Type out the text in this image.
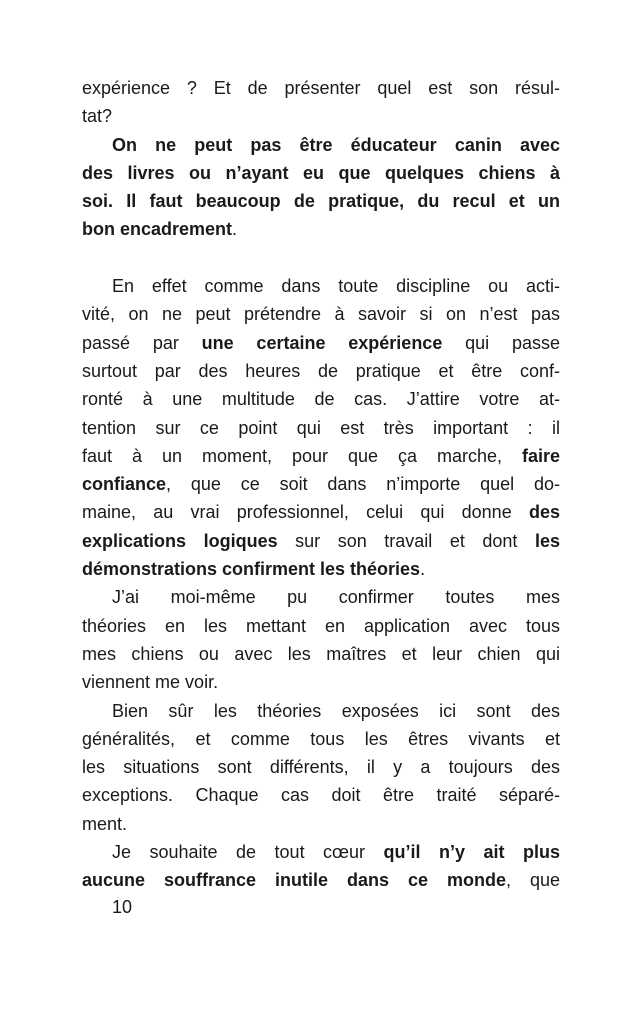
expérience ? Et de présenter quel est son résul-
tat?
On ne peut pas être éducateur canin avec
des livres ou n’ayant eu que quelques chiens à
soi. Il faut beaucoup de pratique, du recul et un
bon encadrement.
En effet comme dans toute discipline ou acti-
vité, on ne peut prétendre à savoir si on n’est pas
passé par une certaine expérience qui passe
surtout par des heures de pratique et être conf-
ronté à une multitude de cas. J’attire votre at-
tention sur ce point qui est très important : il
faut à un moment, pour que ça marche, faire
confiance, que ce soit dans n’importe quel do-
maine, au vrai professionnel, celui qui donne des
explications logiques sur son travail et dont les
démonstrations confirment les théories.
J’ai moi-même pu confirmer toutes mes
théories en les mettant en application avec tous
mes chiens ou avec les maîtres et leur chien qui
viennent me voir.
Bien sûr les théories exposées ici sont des
généralités, et comme tous les êtres vivants et
les situations sont différents, il y a toujours des
exceptions. Chaque cas doit être traité séparé-
ment.
Je souhaite de tout cœur qu’il n’y ait plus
aucune souffrance inutile dans ce monde, que
10
